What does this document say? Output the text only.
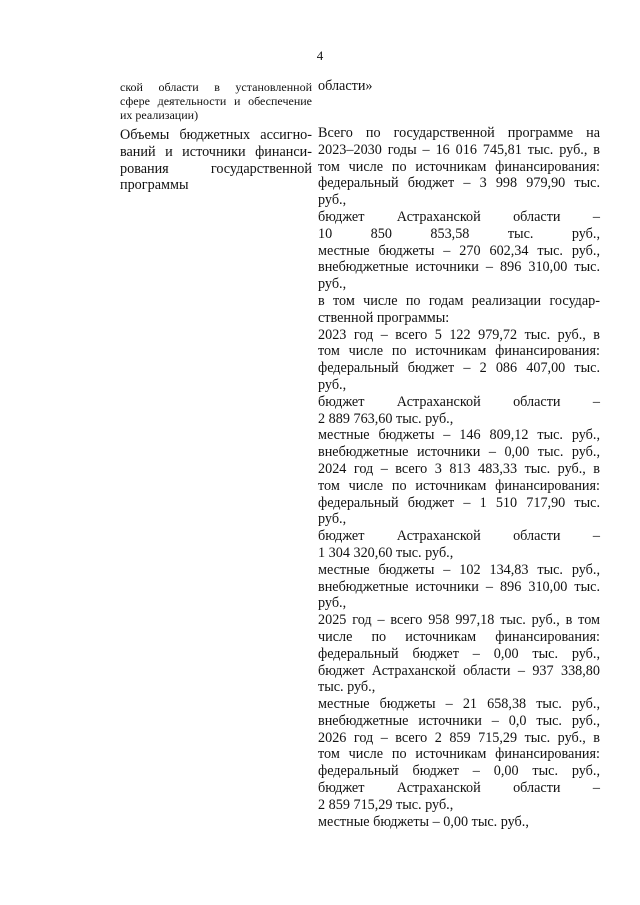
4
ской области в установленной
сфере деятельности и обеспечение
их реализации)
области»
Объемы бюджетных ассигно-
ваний и источники финанси-
рования государственной
программы
Всего по государственной программе на
2023–2030 годы – 16 016 745,81 тыс. руб., в
том числе по источникам финансирования:
федеральный бюджет – 3 998 979,90 тыс.
руб.,
бюджет Астраханской области –
10 850 853,58 тыс. руб.,
местные бюджеты – 270 602,34 тыс. руб.,
внебюджетные источники – 896 310,00 тыс.
руб.,
в том числе по годам реализации государ-
ственной программы:
2023 год – всего 5 122 979,72 тыс. руб., в
том числе по источникам финансирования:
федеральный бюджет – 2 086 407,00 тыс.
руб.,
бюджет Астраханской области –
2 889 763,60 тыс. руб.,
местные бюджеты – 146 809,12 тыс. руб.,
внебюджетные источники – 0,00 тыс. руб.,
2024 год – всего 3 813 483,33 тыс. руб., в
том числе по источникам финансирования:
федеральный бюджет – 1 510 717,90 тыс.
руб.,
бюджет Астраханской области –
1 304 320,60 тыс. руб.,
местные бюджеты – 102 134,83 тыс. руб.,
внебюджетные источники – 896 310,00 тыс.
руб.,
2025 год – всего 958 997,18 тыс. руб., в том
числе по источникам финансирования:
федеральный бюджет – 0,00 тыс. руб.,
бюджет Астраханской области – 937 338,80
тыс. руб.,
местные бюджеты – 21 658,38 тыс. руб.,
внебюджетные источники – 0,0 тыс. руб.,
2026 год – всего 2 859 715,29 тыс. руб., в
том числе по источникам финансирования:
федеральный бюджет – 0,00 тыс. руб.,
бюджет Астраханской области –
2 859 715,29 тыс. руб.,
местные бюджеты – 0,00 тыс. руб.,
